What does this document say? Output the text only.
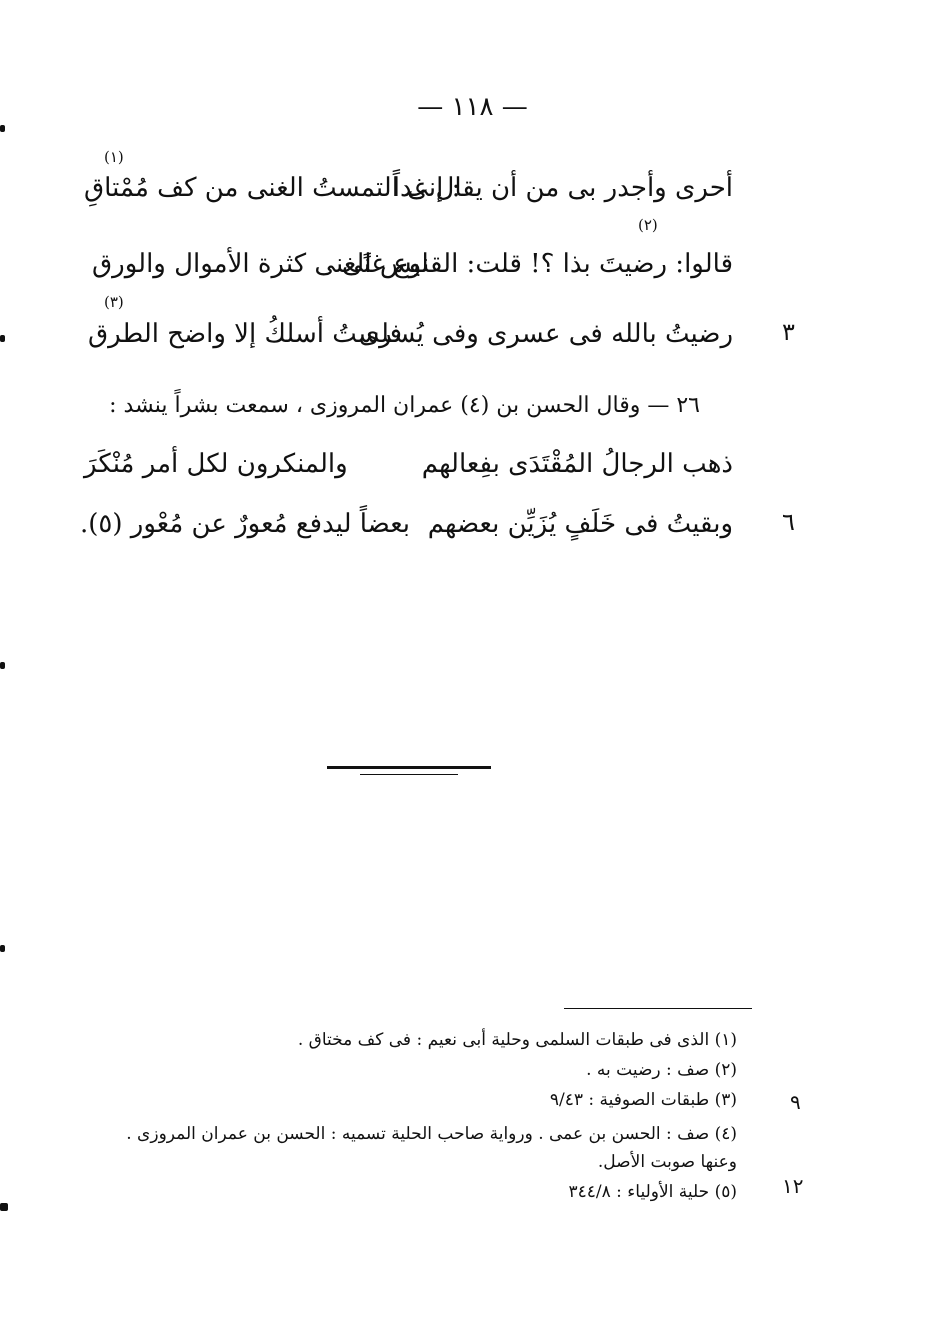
— ١١٨ —
(١)
أحرى وأجدر بى من أن يقال غداً
: إنى التمستُ الغنى من كف مُمْتاقِ
(٢)
قالوا: رضيتَ بذا ؟! قلت: القنوع غنًى
ليس الغنى كثرة الأموال والورق
(٣)
رضيتُ بالله فى عسرى وفى يُسرى
فلستُ أسلكُ إلا واضح الطرق	٣
٢٦ — وقال الحسن بن (٤) عمران المروزى ، سمعت بشراً ينشد :
ذهب الرجالُ المُقْتَدَى بفِعالهم
والمنكرون لكل أمر مُنْكَرَ
وبقيتُ فى خَلَفٍ يُزَيِّن بعضهم
بعضاً ليدفع مُعورٌ عن مُعْور (٥).	٦
(١) الذى فى طبقات السلمى وحلية أبى نعيم : فى كف مختاق .
(٢) صف : رضيت به .
(٣) طبقات الصوفية : ٩/٤٣	٩
(٤) صف : الحسن بن عمى . ورواية صاحب الحلية تسميه : الحسن بن عمران المروزى .
وعنها صوبت الأصل.
(٥) حلية الأولياء : ٣٤٤/٨ ١٢
